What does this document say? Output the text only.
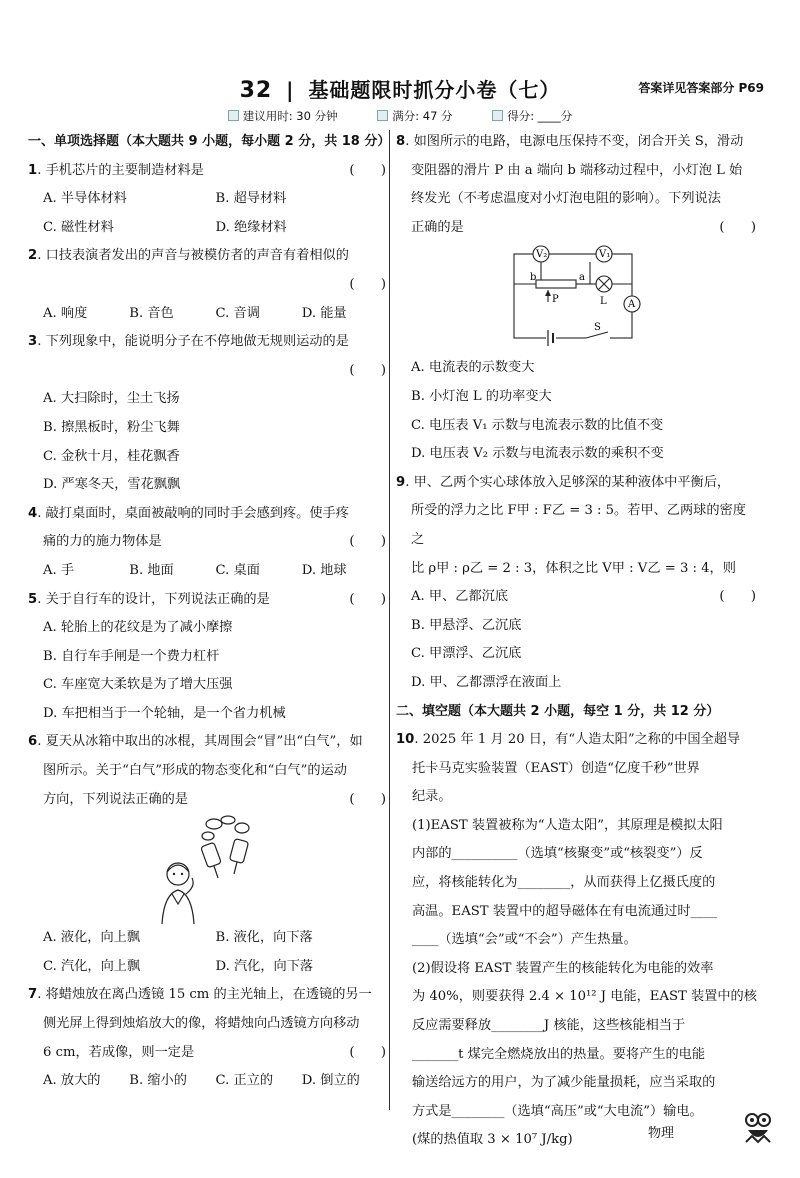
32 | 基础题限时抓分小卷（七）	答案详见答案部分 P69
建议用时: 30 分钟	满分: 47 分	得分: ____分
一、单项选择题（本大题共 9 小题，每小题 2 分，共 18 分）
1. 手机芯片的主要制造材料是	(　　)
A. 半导体材料	B. 超导材料
C. 磁性材料	D. 绝缘材料
2. 口技表演者发出的声音与被模仿者的声音有着相似的
(　　)
A. 响度	B. 音色	C. 音调	D. 能量
3. 下列现象中，能说明分子在不停地做无规则运动的是
(　　)
A. 大扫除时，尘土飞扬
B. 擦黑板时，粉尘飞舞
C. 金秋十月，桂花飘香
D. 严寒冬天，雪花飘飘
4. 敲打桌面时，桌面被敲响的同时手会感到疼。使手疼
痛的力的施力物体是	(　　)
A. 手	B. 地面	C. 桌面	D. 地球
5. 关于自行车的设计，下列说法正确的是	(　　)
A. 轮胎上的花纹是为了减小摩擦
B. 自行车手闸是一个费力杠杆
C. 车座宽大柔软是为了增大压强
D. 车把相当于一个轮轴，是一个省力机械
6. 夏天从冰箱中取出的冰棍，其周围会“冒”出“白气”，如
图所示。关于“白气”形成的物态变化和“白气”的运动
方向，下列说法正确的是	(　　)
A. 液化，向上飘	B. 液化，向下落
C. 汽化，向上飘	D. 汽化，向下落
7. 将蜡烛放在离凸透镜 15 cm 的主光轴上，在透镜的另一
侧光屏上得到烛焰放大的像，将蜡烛向凸透镜方向移动
6 cm，若成像，则一定是	(　　)
A. 放大的	B. 缩小的	C. 正立的	D. 倒立的
8. 如图所示的电路，电源电压保持不变，闭合开关 S，滑动
变阻器的滑片 P 由 a 端向 b 端移动过程中，小灯泡 L 始
终发光（不考虑温度对小灯泡电阻的影响）。下列说法
正确的是	(　　)
V₂	V₁
a
b
P	L A
S
A. 电流表的示数变大
B. 小灯泡 L 的功率变大
C. 电压表 V₁ 示数与电流表示数的比值不变
D. 电压表 V₂ 示数与电流表示数的乘积不变
9. 甲、乙两个实心球体放入足够深的某种液体中平衡后，
所受的浮力之比 F甲 : F乙 = 3 : 5。若甲、乙两球的密度之
比 ρ甲 : ρ乙 = 2 : 3，体积之比 V甲 : V乙 = 3 : 4，则
(　　)
A. 甲、乙都沉底
B. 甲悬浮、乙沉底
C. 甲漂浮、乙沉底
D. 甲、乙都漂浮在液面上
二、填空题（本大题共 2 小题，每空 1 分，共 12 分）
10. 2025 年 1 月 20 日，有“人造太阳”之称的中国全超导
托卡马克实验装置（EAST）创造“亿度千秒”世界
纪录。
(1)EAST 装置被称为“人造太阳”，其原理是模拟太阳
内部的__________（选填“核聚变”或“核裂变”）反
应，将核能转化为________，从而获得上亿摄氏度的
高温。EAST 装置中的超导磁体在有电流通过时____
____（选填“会”或“不会”）产生热量。
(2)假设将 EAST 装置产生的核能转化为电能的效率
为 40%，则要获得 2.4 × 10¹² J 电能，EAST 装置中的核
反应需要释放________J 核能，这些核能相当于
_______t 煤完全燃烧放出的热量。要将产生的电能
输送给远方的用户，为了减少能量损耗，应当采取的
方式是________（选填“高压”或“大电流”）输电。
(煤的热值取 3 × 10⁷ J/kg)	物理
